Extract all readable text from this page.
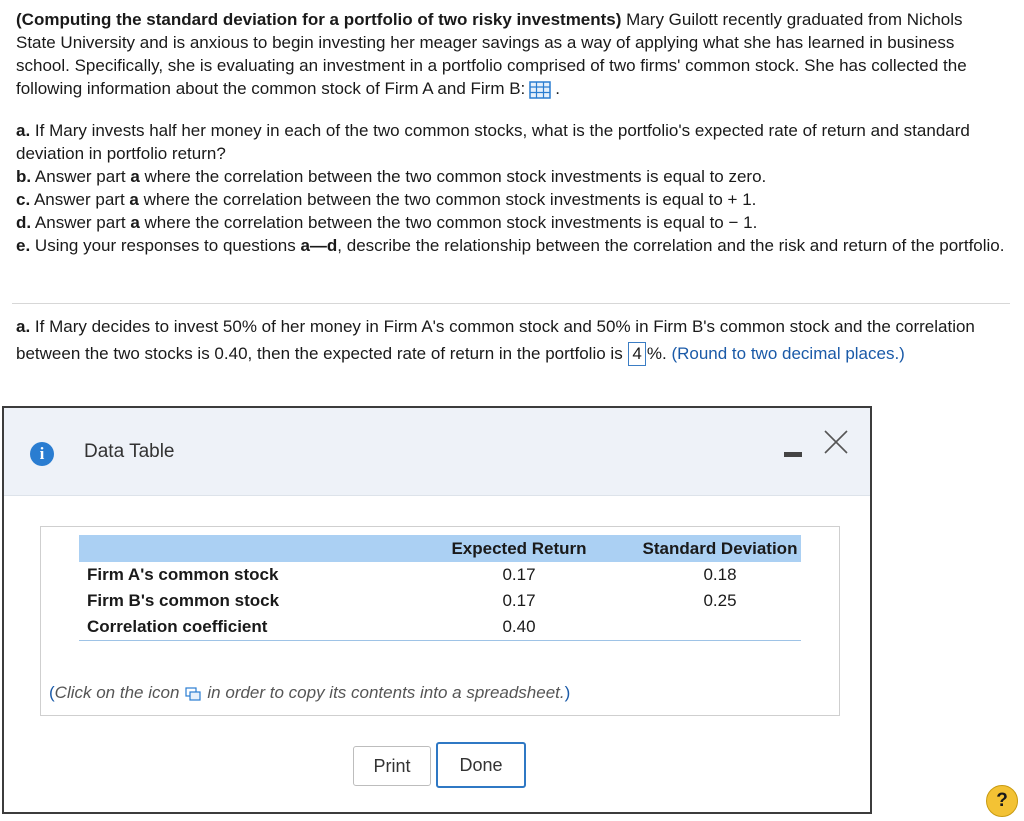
(Computing the standard deviation for a portfolio of two risky investments) Mary Guilott recently graduated from Nichols State University and is anxious to begin investing her meager savings as a way of applying what she has learned in business school. Specifically, she is evaluating an investment in a portfolio comprised of two firms' common stock. She has collected the following information about the common stock of Firm A and Firm B: .

a. If Mary invests half her money in each of the two common stocks, what is the portfolio's expected rate of return and standard deviation in portfolio return?

b. Answer part a where the correlation between the two common stock investments is equal to zero.

c. Answer part a where the correlation between the two common stock investments is equal to + 1.

d. Answer part a where the correlation between the two common stock investments is equal to − 1.

e. Using your responses to questions a—d, describe the relationship between the correlation and the risk and return of the portfolio.

a. If Mary decides to invest 50% of her money in Firm A's common stock and 50% in Firm B's common stock and the correlation between the two stocks is 0.40, then the expected rate of return in the portfolio is 4 %. (Round to two decimal places.)
i	Data Table
	Expected Return	Standard Deviation
Firm A's common stock	0.17	0.18
Firm B's common stock	0.17	0.25
Correlation coefficient	0.40	
(Click on the icon in order to copy its contents into a spreadsheet.)
Print	Done
?
